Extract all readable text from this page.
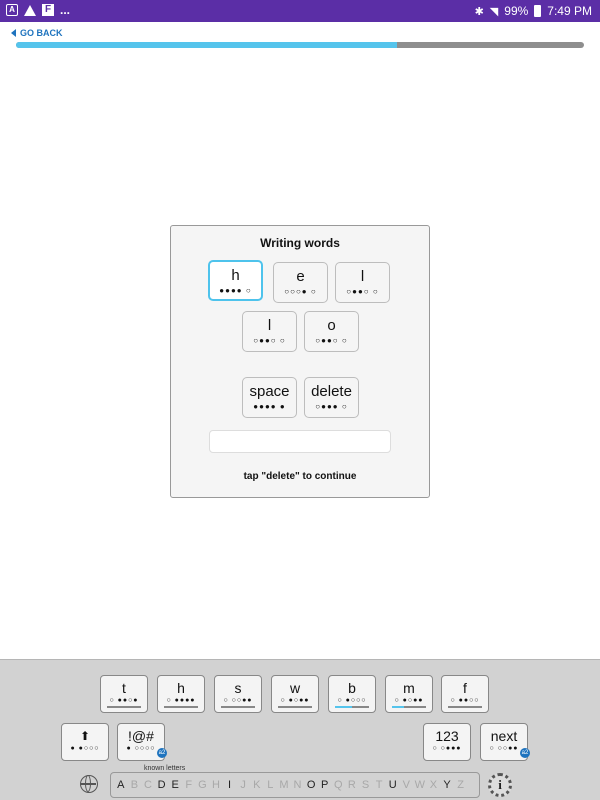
A	F ...	✱ ◥ 99% 7:49 PM
GO BACK
Writing words
h
●●●● ○
e
○○○● ○
l
○●●○ ○
l
○●●○ ○
o
○●●○ ○
space
●●●● ●
delete
○●●● ○
tap "delete" to continue
t
○ ●●○●
h
○ ●●●●
s
○ ○○●●
w
○ ●○●●
b
○ ●○○○
m
○ ●○●●
f
○ ●●○○
⬆
● ●○○○
!@#
● ○○○○
a2
123
○ ○●●●
next
○ ○○●●
a2
known letters
A B C D E F G H I J K L M N O P Q R S T U V W X Y Z	i
